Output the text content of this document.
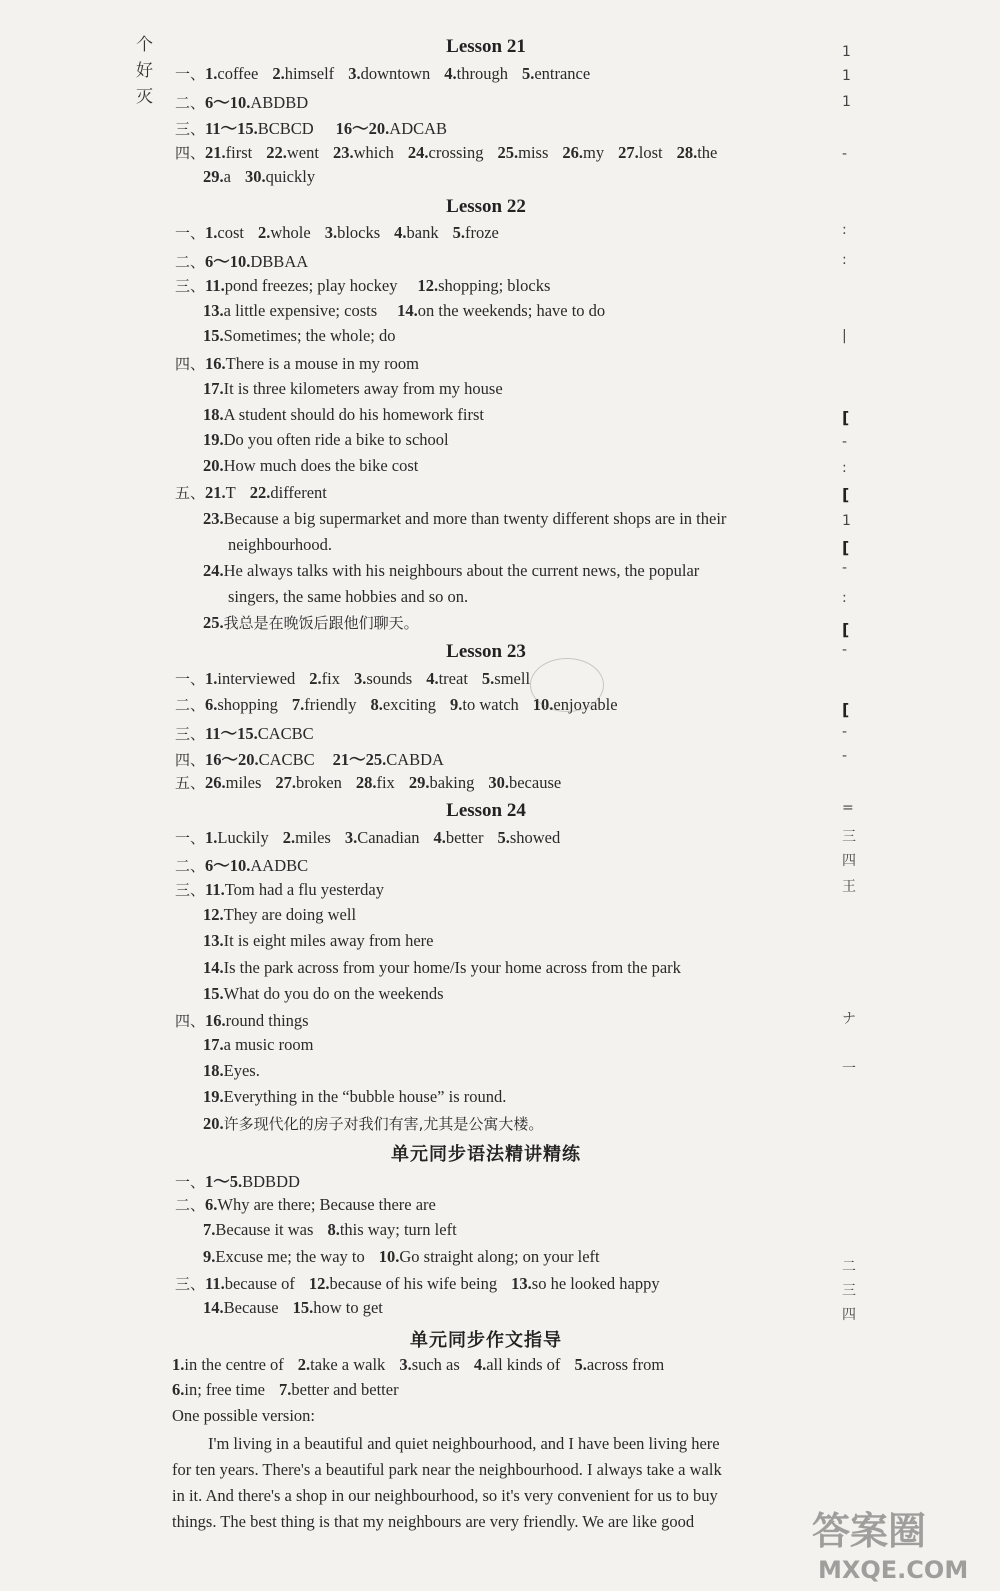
个
好
灭
Lesson 21
一、1.coffee 2.himself 3.downtown 4.through 5.entrance
二、6～10.ABDBD
三、11～15.BCBCD 16～20.ADCAB
四、21.first 22.went 23.which 24.crossing 25.miss 26.my 27.lost 28.the
29.a 30.quickly
Lesson 22
一、1.cost 2.whole 3.blocks 4.bank 5.froze
二、6～10.DBBAA
三、11.pond freezes; play hockey 12.shopping; blocks
13.a little expensive; costs 14.on the weekends; have to do
15.Sometimes; the whole; do
四、16.There is a mouse in my room
17.It is three kilometers away from my house
18.A student should do his homework first
19.Do you often ride a bike to school
20.How much does the bike cost
五、21.T 22.different
23.Because a big supermarket and more than twenty different shops are in their
neighbourhood.
24.He always talks with his neighbours about the current news, the popular
singers, the same hobbies and so on.
25.我总是在晚饭后跟他们聊天。
Lesson 23
一、1.interviewed 2.fix 3.sounds 4.treat 5.smell
二、6.shopping 7.friendly 8.exciting 9.to watch 10.enjoyable
三、11～15.CACBC
四、16～20.CACBC 21～25.CABDA
五、26.miles 27.broken 28.fix 29.baking 30.because
Lesson 24
一、1.Luckily 2.miles 3.Canadian 4.better 5.showed
二、6～10.AADBC
三、11.Tom had a flu yesterday
12.They are doing well
13.It is eight miles away from here
14.Is the park across from your home/Is your home across from the park
15.What do you do on the weekends
四、16.round things
17.a music room
18.Eyes.
19.Everything in the “bubble house” is round.
20.许多现代化的房子对我们有害,尤其是公寓大楼。
单元同步语法精讲精练
一、1～5.BDBDD
二、6.Why are there; Because there are
7.Because it was 8.this way; turn left
9.Excuse me; the way to 10.Go straight along; on your left
三、11.because of 12.because of his wife being 13.so he looked happy
14.Because 15.how to get
单元同步作文指导
1.in the centre of 2.take a walk 3.such as 4.all kinds of 5.across from
6.in; free time 7.better and better
One possible version:
I'm living in a beautiful and quiet neighbourhood, and I have been living here
for ten years. There's a beautiful park near the neighbourhood. I always take a walk
in it. And there's a shop in our neighbourhood, so it's very convenient for us to buy
things. The best thing is that my neighbours are very friendly. We are like good
1
1
1
-
:
:
|
[
-
:
[
1
[
-
:
[
-
[
-
-
=
三
四
王
ナ
一
二
三
四
答案圈
MXQE.COM
